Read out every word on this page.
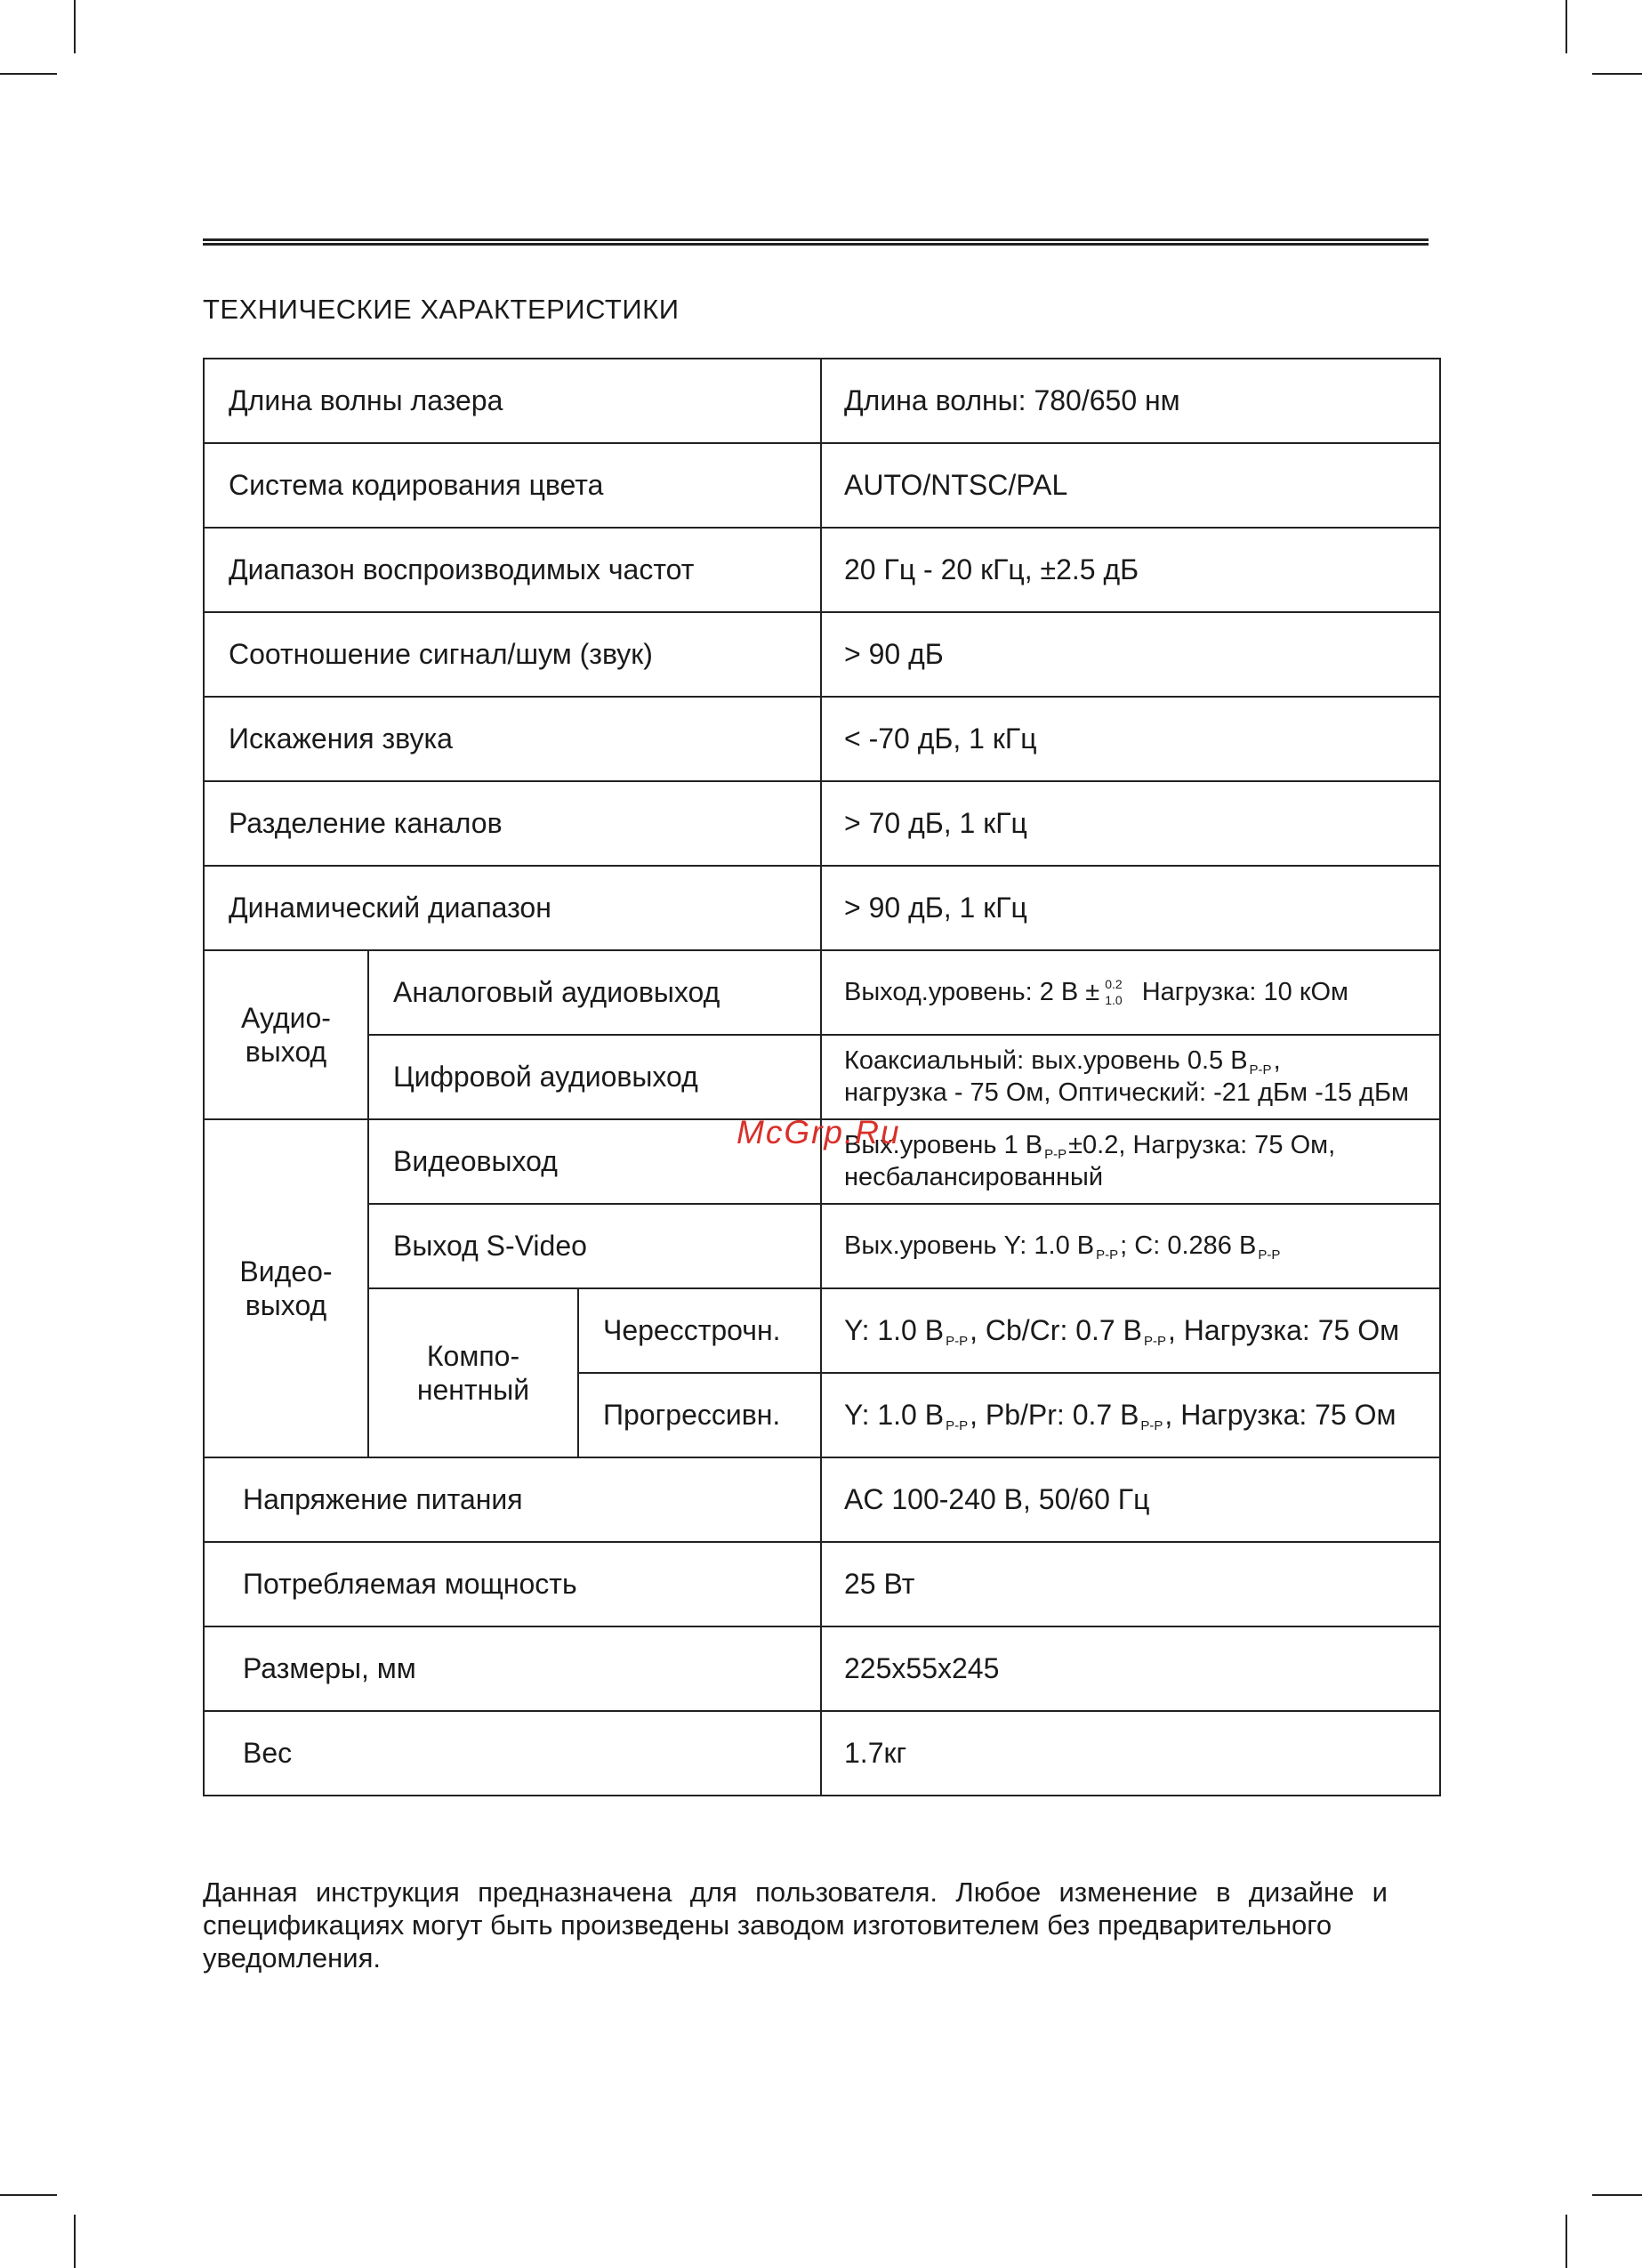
ТЕХНИЧЕСКИЕ ХАРАКТЕРИСТИКИ
Длина волны лазера			Длина волны: 780/650 нм
Система кодирования цвета			AUTO/NTSC/PAL
Диапазон воспроизводимых частот			20 Гц - 20 кГц, ±2.5 дБ
Соотношение сигнал/шум (звук)			> 90 дБ
Искажения звука			< -70 дБ, 1 кГц
Разделение каналов			> 70 дБ, 1 кГц
Динамический диапазон			> 90 дБ, 1 кГц
Аудио-
выход	Аналоговый аудиовыход		Выход.уровень: 2 В ± 0.2
1.0 Нагрузка: 10 кОм
	Цифровой аудиовыход		Коаксиальный: вых.уровень 0.5 В $_{P-P}$,
нагрузка - 75 Ом, Оптический: -21 дБм -15 дБм
Видео-
выход	Видеовыход		Вых.уровень 1 В $_{P-P}$±0.2, Нагрузка: 75 Ом,
несбалансированный
	Выход S-Video		Вых.уровень Y: 1.0 В $_{P-P}$; C: 0.286 В $_{P-P}$
	Компо-
нентный	Чересстрочн.	Y: 1.0 В P-P, Cb/Cr: 0.7 В P-P, Нагрузка: 75 Ом
		Прогрессивн.	Y: 1.0 В P-P, Pb/Pr: 0.7 В P-P, Нагрузка: 75 Ом
Напряжение питания			AC 100-240 В, 50/60 Гц
Потребляемая мощность			25 Вт
Размеры, мм			225x55x245
Вес			1.7кг
Данная инструкция предназначена для пользователя. Любое изменение в дизайне и
спецификациях могут быть произведены заводом изготовителем без предварительного
уведомления.
McGrp.Ru
